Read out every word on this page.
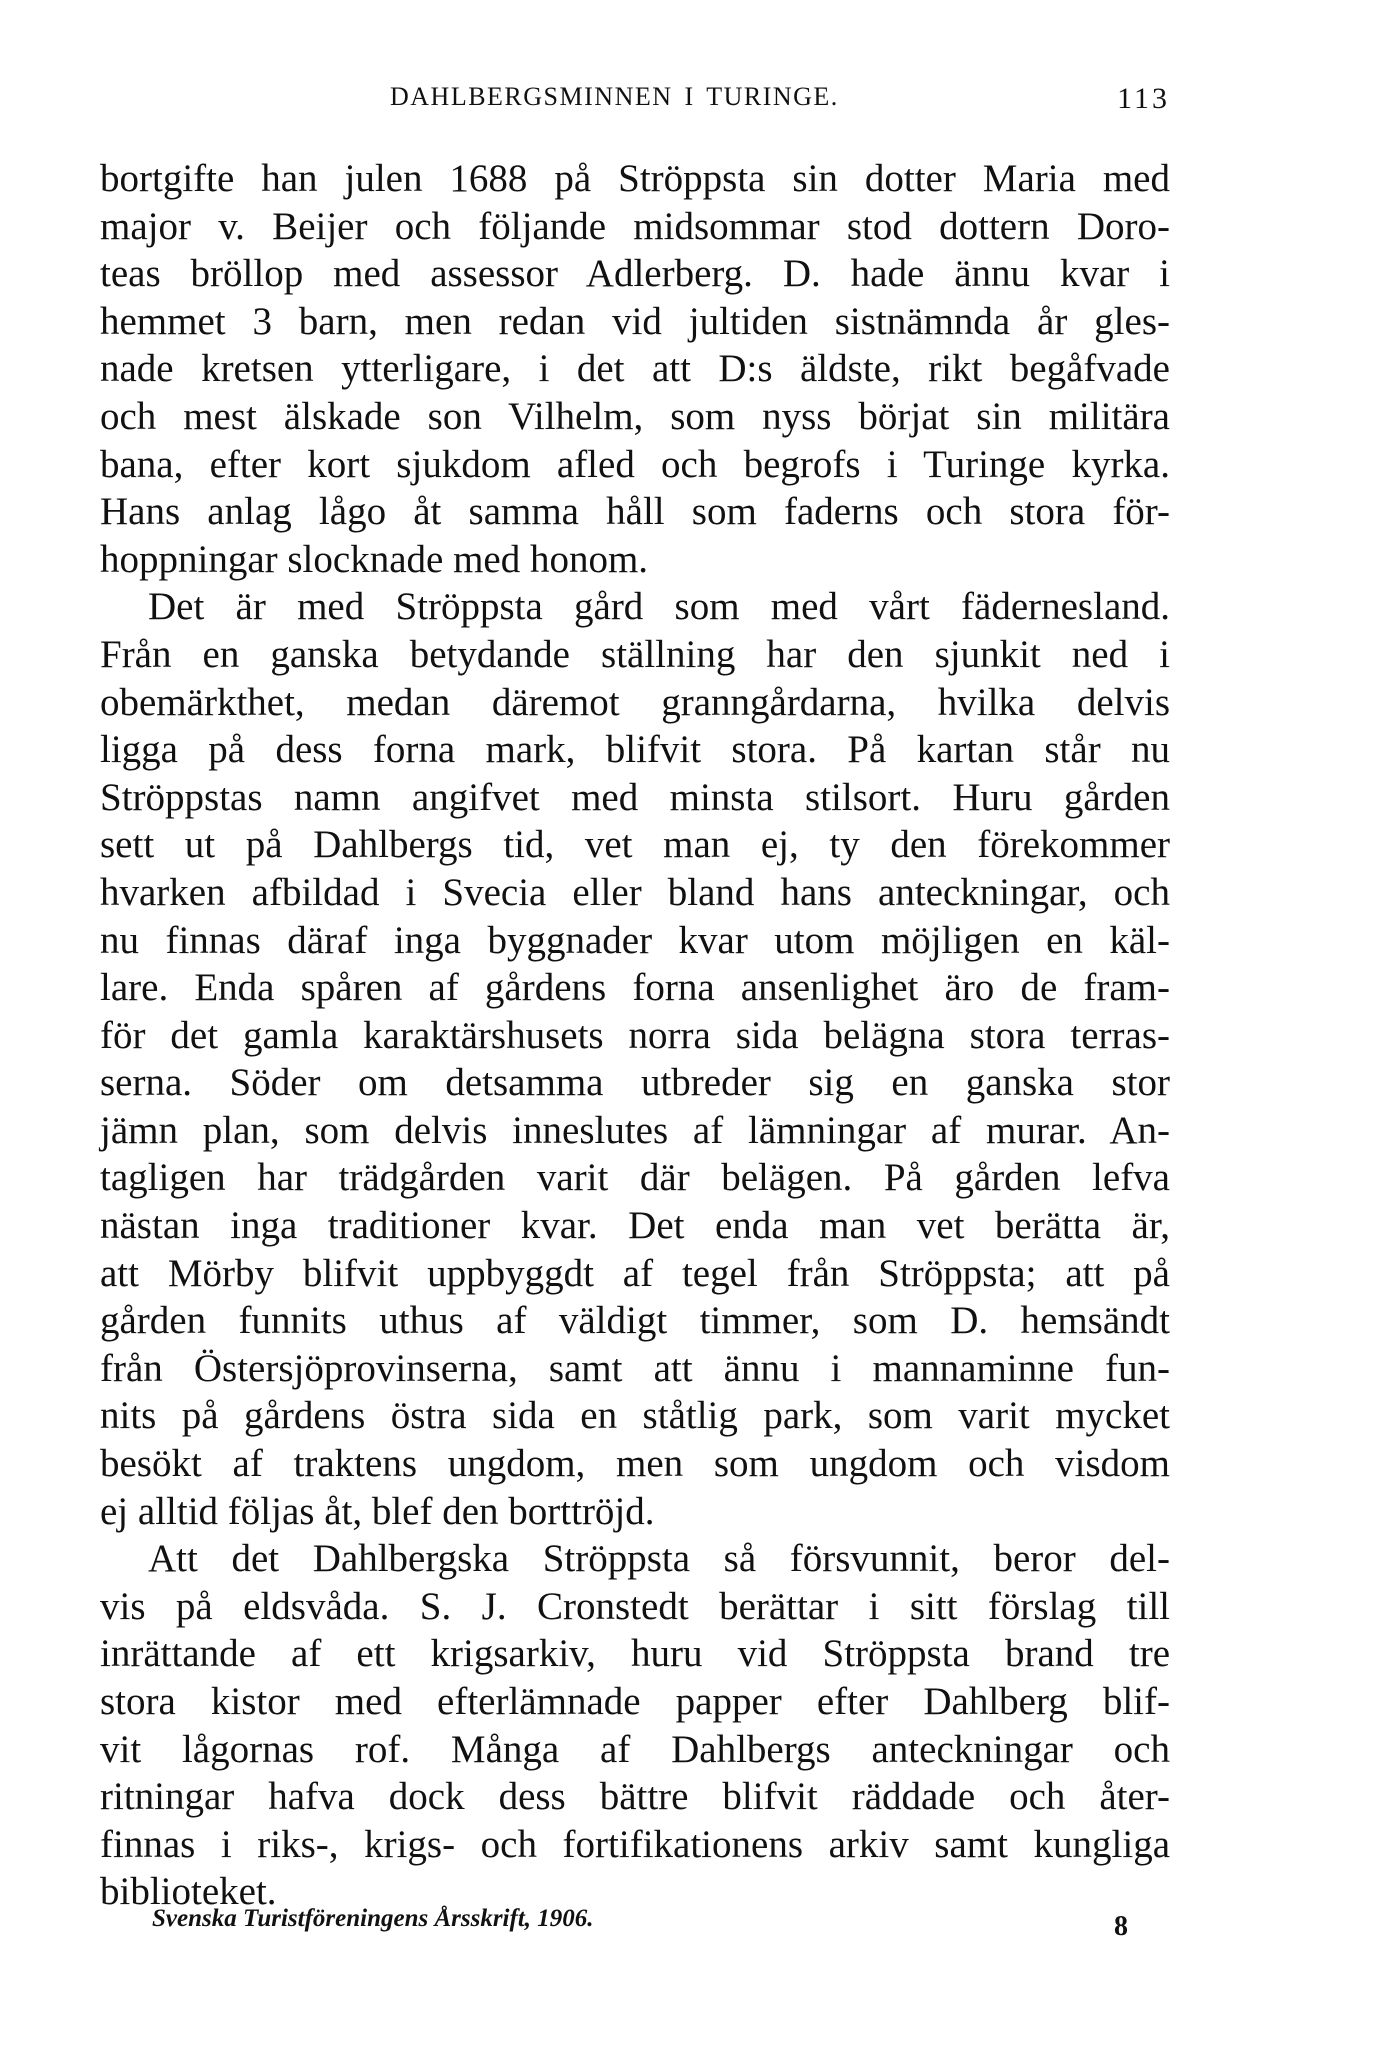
DAHLBERGSMINNEN I TURINGE.	113
bortgifte han julen 1688 på Ströppsta sin dotter Maria med
major v. Beijer och följande midsommar stod dottern Doro-
teas bröllop med assessor Adlerberg. D. hade ännu kvar i
hemmet 3 barn, men redan vid jultiden sistnämnda år gles-
nade kretsen ytterligare, i det att D:s äldste, rikt begåfvade
och mest älskade son Vilhelm, som nyss börjat sin militära
bana, efter kort sjukdom afled och begrofs i Turinge kyrka.
Hans anlag lågo åt samma håll som faderns och stora för-
hoppningar slocknade med honom.
Det är med Ströppsta gård som med vårt fädernesland.
Från en ganska betydande ställning har den sjunkit ned i
obemärkthet, medan däremot granngårdarna, hvilka delvis
ligga på dess forna mark, blifvit stora. På kartan står nu
Ströppstas namn angifvet med minsta stilsort. Huru gården
sett ut på Dahlbergs tid, vet man ej, ty den förekommer
hvarken afbildad i Svecia eller bland hans anteckningar, och
nu finnas däraf inga byggnader kvar utom möjligen en käl-
lare. Enda spåren af gårdens forna ansenlighet äro de fram-
för det gamla karaktärshusets norra sida belägna stora terras-
serna. Söder om detsamma utbreder sig en ganska stor
jämn plan, som delvis inneslutes af lämningar af murar. An-
tagligen har trädgården varit där belägen. På gården lefva
nästan inga traditioner kvar. Det enda man vet berätta är,
att Mörby blifvit uppbyggdt af tegel från Ströppsta; att på
gården funnits uthus af väldigt timmer, som D. hemsändt
från Östersjöprovinserna, samt att ännu i mannaminne fun-
nits på gårdens östra sida en ståtlig park, som varit mycket
besökt af traktens ungdom, men som ungdom och visdom
ej alltid följas åt, blef den borttröjd.
Att det Dahlbergska Ströppsta så försvunnit, beror del-
vis på eldsvåda. S. J. Cronstedt berättar i sitt förslag till
inrättande af ett krigsarkiv, huru vid Ströppsta brand tre
stora kistor med efterlämnade papper efter Dahlberg blif-
vit lågornas rof. Många af Dahlbergs anteckningar och
ritningar hafva dock dess bättre blifvit räddade och åter-
finnas i riks-, krigs- och fortifikationens arkiv samt kungliga
biblioteket.
Svenska Turistföreningens Årsskrift, 1906.	8
